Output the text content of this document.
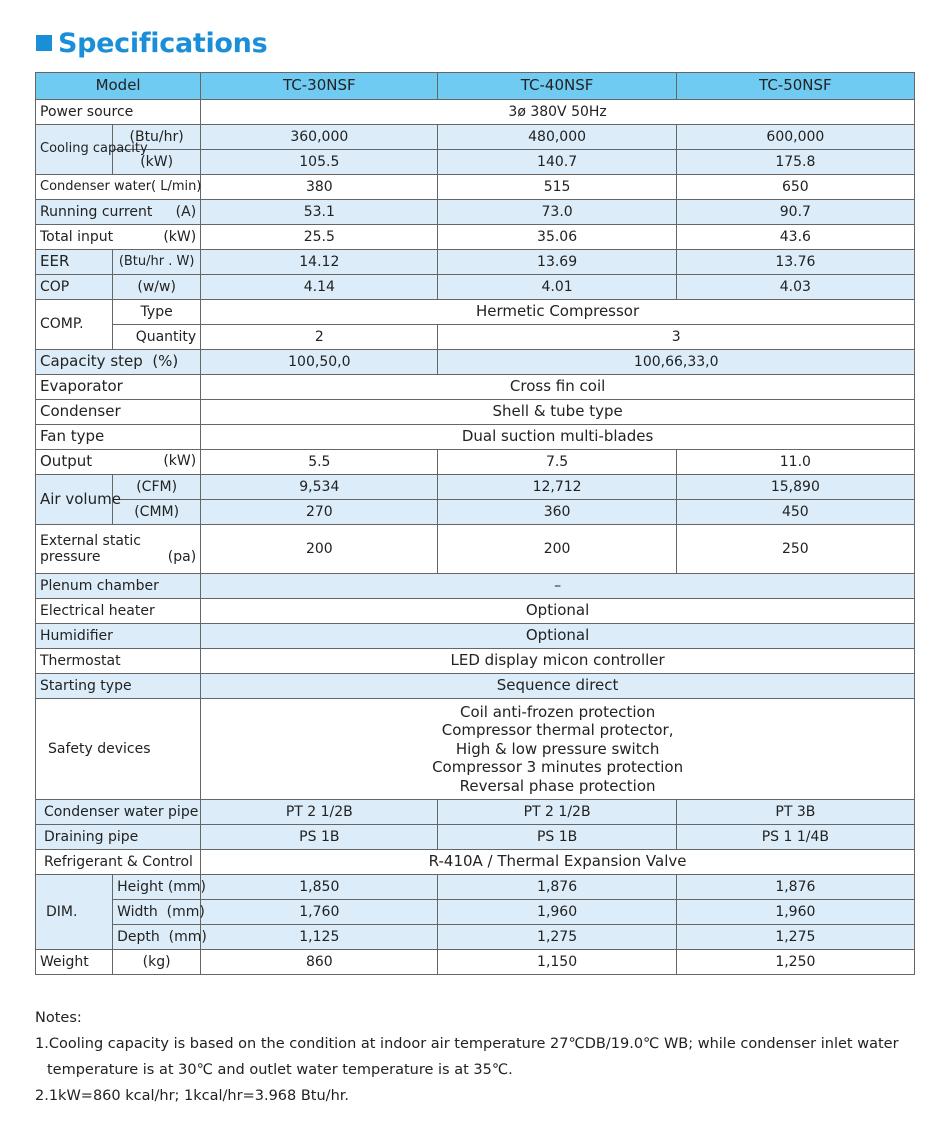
Specifications
Model		TC-30NSF	TC-40NSF	TC-50NSF
Power source		3ø 380V 50Hz		
Cooling capacity	(Btu/hr)	360,000	480,000	600,000
	(kW)	105.5	140.7	175.8

Condenser water ( L/min)		380	515	650

Running current (A)		53.1	73.0	90.7

Total input (kW)		25.5	35.06	43.6
EER	(Btu/hr . W)	14.12	13.69	13.76
COP	(w/w)	4.14	4.01	4.03
COMP.	Type	Hermetic Compressor		
	Quantity	2	3	
Capacity step (%)		100,50,0	100,66,33,0	
Evaporator		Cross fin coil		
Condenser		Shell & tube type		
Fan type		Dual suction multi-blades		

Output (kW)		5.5	7.5	11.0
Air volume	(CFM)	9,534	12,712	15,890
	(CMM)	270	360	450

External static
pressure (pa)		200	200	250
Plenum chamber		–		
Electrical heater		Optional		
Humidifier		Optional		
Thermostat		LED display micon controller		
Starting type		Sequence direct		
Safety devices		Coil anti-frozen protection
Compressor thermal protector,
High & low pressure switch
Compressor 3 minutes protection
Reversal phase protection		

Condenser water pipe		PT 2 1/2B	PT 2 1/2B	PT 3B
Draining pipe		PS 1B	PS 1B	PS 1 1/4B
Refrigerant & Control		R-410A / Thermal Expansion Valve		
DIM.	Height (mm)	1,850	1,876	1,876
	Width (mm)	1,760	1,960	1,960
	Depth (mm)	1,125	1,275	1,275
Weight	(kg)	860	1,150	1,250
Notes:
1.Cooling capacity is based on the condition at indoor air temperature 27℃DB/19.0℃ WB; while condenser inlet water
temperature is at 30℃ and outlet water temperature is at 35℃.
2.1kW=860 kcal/hr; 1kcal/hr=3.968 Btu/hr.
